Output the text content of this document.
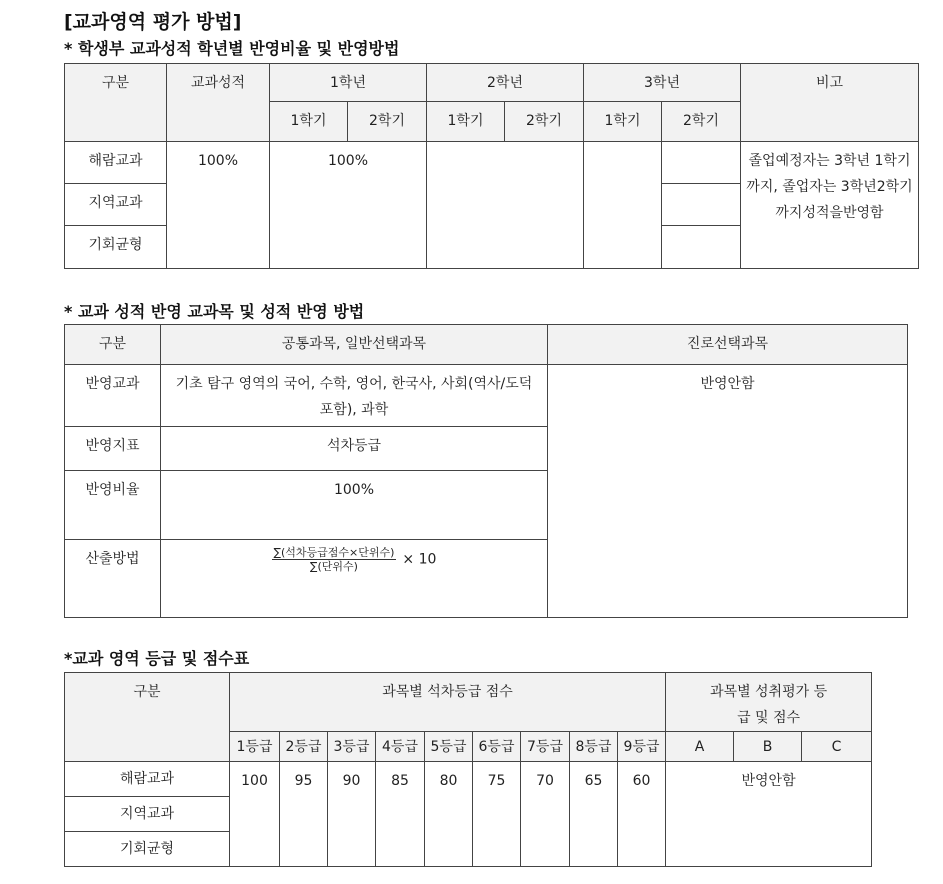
[교과영역 평가 방법]
* 학생부 교과성적 학년별 반영비율 및 반영방법
구분	교과성적	1학년		2학년		3학년		비고
		1학기	2학기	1학기	2학기	1학기	2학기	
해람교과	100%	100%						졸업예정자는 3학년 1학기까지, 졸업자는 3학년2학기까지성적을반영함
지역교과								
기회균형								
* 교과 성적 반영 교과목 및 성적 반영 방법
구분	공통과목, 일반선택과목	진로선택과목
반영교과	기초 탐구 영역의 국어, 수학, 영어, 한국사, 사회(역사/도덕 포함), 과학	반영안함
반영지표	석차등급	
반영비율	100%	
산출방법	$\frac{\text{∑(석차등급점수×단위수)}}{\text{∑(단위수)}} \times 10$	
*교과 영역 등급 및 점수표
구분	과목별 석차등급 점수									과목별 성취평가 등급 및 점수		
	1등급	2등급	3등급	4등급	5등급	6등급	7등급	8등급	9등급	A	B	C
해람교과	100	95	90	85	80	75	70	65	60	반영안함		
지역교과												
기회균형												
